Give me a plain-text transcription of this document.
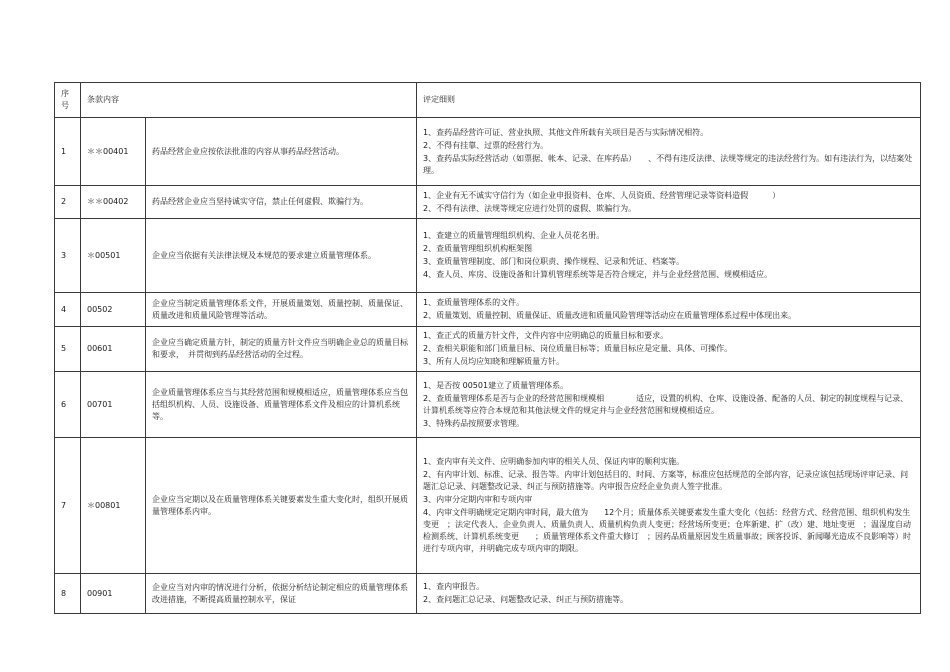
序号	条款内容		评定细则
1	＊＊00401	药品经营企业应按依法批准的内容从事药品经营活动。	1、查药品经营许可证、营业执照、其他文件所载有关项目是否与实际情况相符。
2、不得有挂靠、过票的经营行为。
3、查药品实际经营活动（如票据、帐本、记录、在库药品）　　、不得有违反法律、法规等规定的违法经营行为。如有违法行为，以结案处理。

2	＊＊00402	药品经营企业应当坚持诚实守信，禁止任何虚假、欺骗行为。	1、企业有无不诚实守信行为（如企业申报资料、仓库、人员资质、经营管理记录等资料造假　　　）
2、不得有法律、法规等规定应进行处罚的虚假、欺骗行为。

3	＊00501	企业应当依据有关法律法规及本规范的要求建立质量管理体系。	1、查建立的质量管理组织机构、企业人员花名册。
2、查质量管理组织机构框架图
3、查质量管理制度、部门和岗位职责、操作规程、记录和凭证、档案等。
4、查人员、库房、设施设备和计算机管理系统等是否符合规定，并与企业经营范围、规模相适应。

4	00502	企业应当制定质量管理体系文件，开展质量策划、质量控制、质量保证、质量改进和质量风险管理等活动。	1、查质量管理体系的文件。
2、质量策划、质量控制、质量保证、质量改进和质量风险管理等活动应在质量管理体系过程中体现出来。

5	00601	企业应当确定质量方针，制定的质量方针文件应当明确企业总的质量目标和要求，　并贯彻到药品经营活动的全过程。	1、查正式的质量方针文件，文件内容中应明确总的质量目标和要求。
2、查相关职能和部门质量目标、岗位质量目标等；质量目标应是定量、具体、可操作。
3、所有人员均应知晓和理解质量方针。

6	00701	企业质量管理体系应当与其经营范围和规模相适应，质量管理体系应当包括组织机构、人员、设施设备、质量管理体系文件及相应的计算机系统等。	1、是否按 00501建立了质量管理体系。
2、查质量管理体系是否与企业的经营范围和规模相　　　　适应，设置的机构、仓库、设施设备、配备的人员、制定的制度规程与记录、计算机系统等应符合本规范和其他法规文件的规定并与企业经营范围和规模相适应。
3、特殊药品按照要求管理。

7	＊00801	企业应当定期以及在质量管理体系关键要素发生重大变化时，组织开展质量管理体系内审。	1、查内审有关文件、应明确参加内审的相关人员、保证内审的顺利实施。
2、有内审计划、标准、记录、报告等。内审计划包括目的、时间、方案等，标准应包括规范的全部内容，记录应该包括现场评审记录、问题汇总记录、问题整改记录、纠正与预防措施等。内审报告应经企业负责人签字批准。
3、内审分定期内审和专项内审
4、内审文件明确规定定期内审时间，最大值为　　12个月；质量体系关键要素发生重大变化（包括：经营方式、经营范围、组织机构发生变更　；法定代表人、企业负责人、质量负责人、质量机构负责人变更；经营场所变更；仓库新建、扩（改）建、地址变更　；温湿度自动检测系统、计算机系统变更　　；质量管理体系文件重大修订　；因药品质量原因发生质量事故；顾客投诉、新闻曝光造成不良影响等）时进行专项内审，并明确完成专项内审的期限。

8	00901	企业应当对内审的情况进行分析，依据分析结论制定相应的质量管理体系改进措施，不断提高质量控制水平，保证	1、查内审报告。
2、查问题汇总记录、问题整改记录、纠正与预防措施等。
